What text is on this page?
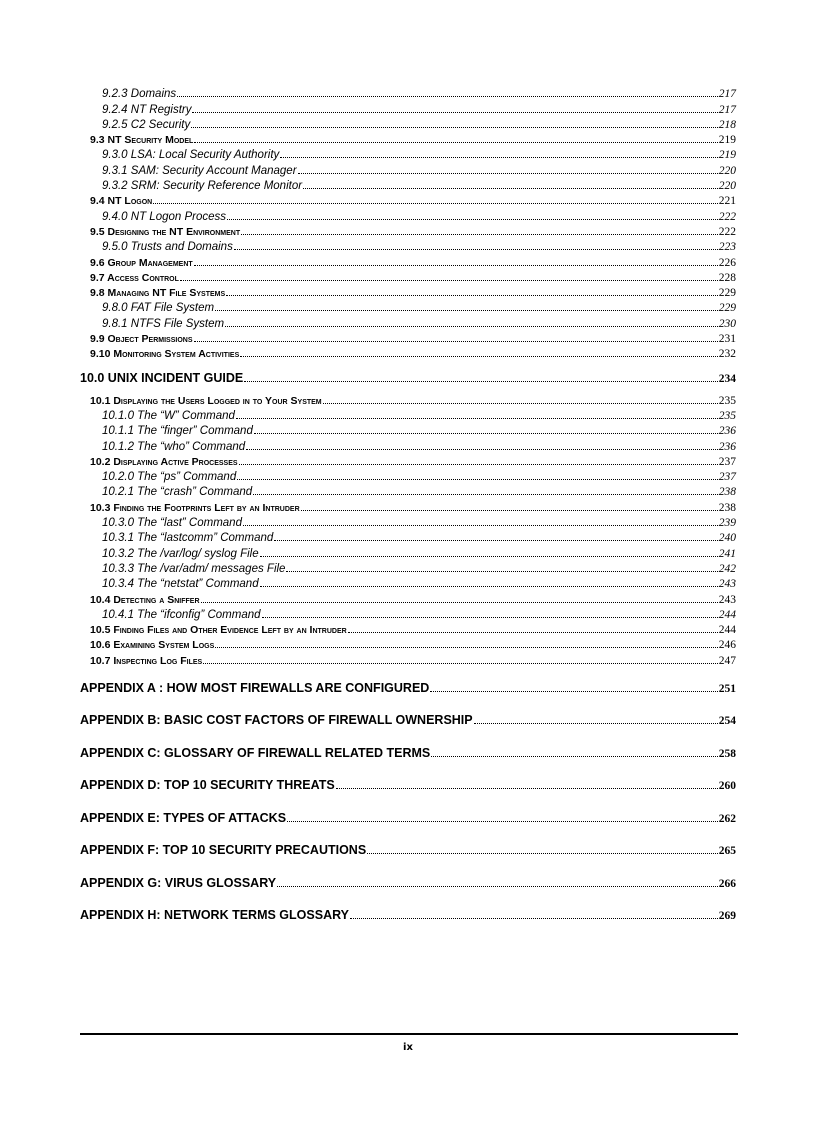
9.2.3 Domains	217
9.2.4 NT Registry	217
9.2.5 C2 Security	218
9.3 NT Security Model	219
9.3.0 LSA: Local Security Authority	219
9.3.1 SAM: Security Account Manager	220
9.3.2 SRM: Security Reference Monitor	220
9.4 NT Logon	221
9.4.0 NT Logon Process	222
9.5 Designing the NT Environment	222
9.5.0 Trusts and Domains	223
9.6 Group Management	226
9.7 Access Control	228
9.8 Managing NT File Systems	229
9.8.0 FAT File System	229
9.8.1 NTFS File System	230
9.9 Object Permissions	231
9.10 Monitoring System Activities	232
10.0 UNIX INCIDENT GUIDE	234
10.1 Displaying the Users Logged in to Your System	235
10.1.0 The “W” Command	235
10.1.1 The “finger” Command	236
10.1.2 The “who” Command	236
10.2 Displaying Active Processes	237
10.2.0 The “ps” Command	237
10.2.1 The “crash” Command	238
10.3 Finding the Footprints Left by an Intruder	238
10.3.0 The “last” Command	239
10.3.1 The “lastcomm” Command	240
10.3.2 The /var/log/ syslog File	241
10.3.3 The /var/adm/ messages File	242
10.3.4 The “netstat” Command	243
10.4 Detecting a Sniffer	243
10.4.1 The “ifconfig” Command	244
10.5 Finding Files and Other Evidence Left by an Intruder	244
10.6 Examining System Logs	246
10.7 Inspecting Log Files	247
APPENDIX A : HOW MOST FIREWALLS ARE CONFIGURED	251
APPENDIX B: BASIC COST FACTORS OF FIREWALL OWNERSHIP	254
APPENDIX C: GLOSSARY OF FIREWALL RELATED TERMS	258
APPENDIX D: TOP 10 SECURITY THREATS	260
APPENDIX E: TYPES OF ATTACKS	262
APPENDIX F: TOP 10 SECURITY PRECAUTIONS	265
APPENDIX G: VIRUS GLOSSARY	266
APPENDIX H: NETWORK TERMS GLOSSARY	269
ix
